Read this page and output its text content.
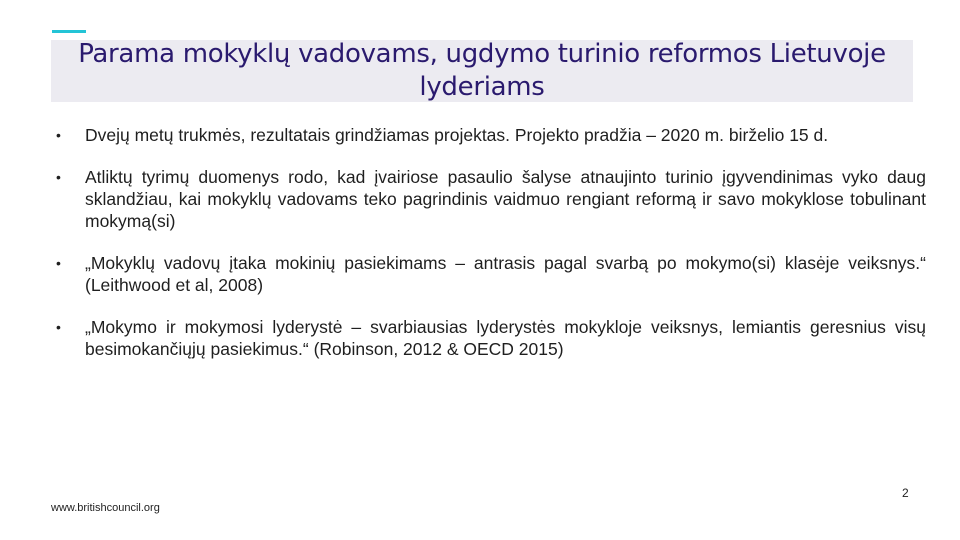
Parama mokyklų vadovams, ugdymo turinio reformos Lietuvoje lyderiams
• Dvejų metų trukmės, rezultatais grindžiamas projektas. Projekto pradžia – 2020 m. birželio 15 d.
• Atliktų tyrimų duomenys rodo, kad įvairiose pasaulio šalyse atnaujinto turinio įgyvendinimas vyko daug sklandžiau, kai mokyklų vadovams teko pagrindinis vaidmuo rengiant reformą ir savo mokyklose tobulinant mokymą(si)
• „Mokyklų vadovų įtaka mokinių pasiekimams – antrasis pagal svarbą po mokymo(si) klasėje veiksnys.“ (Leithwood et al, 2008)
• „Mokymo ir mokymosi lyderystė – svarbiausias lyderystės mokykloje veiksnys, lemiantis geresnius visų besimokančiųjų pasiekimus.“ (Robinson, 2012 & OECD 2015)
www.britishcouncil.org
2
